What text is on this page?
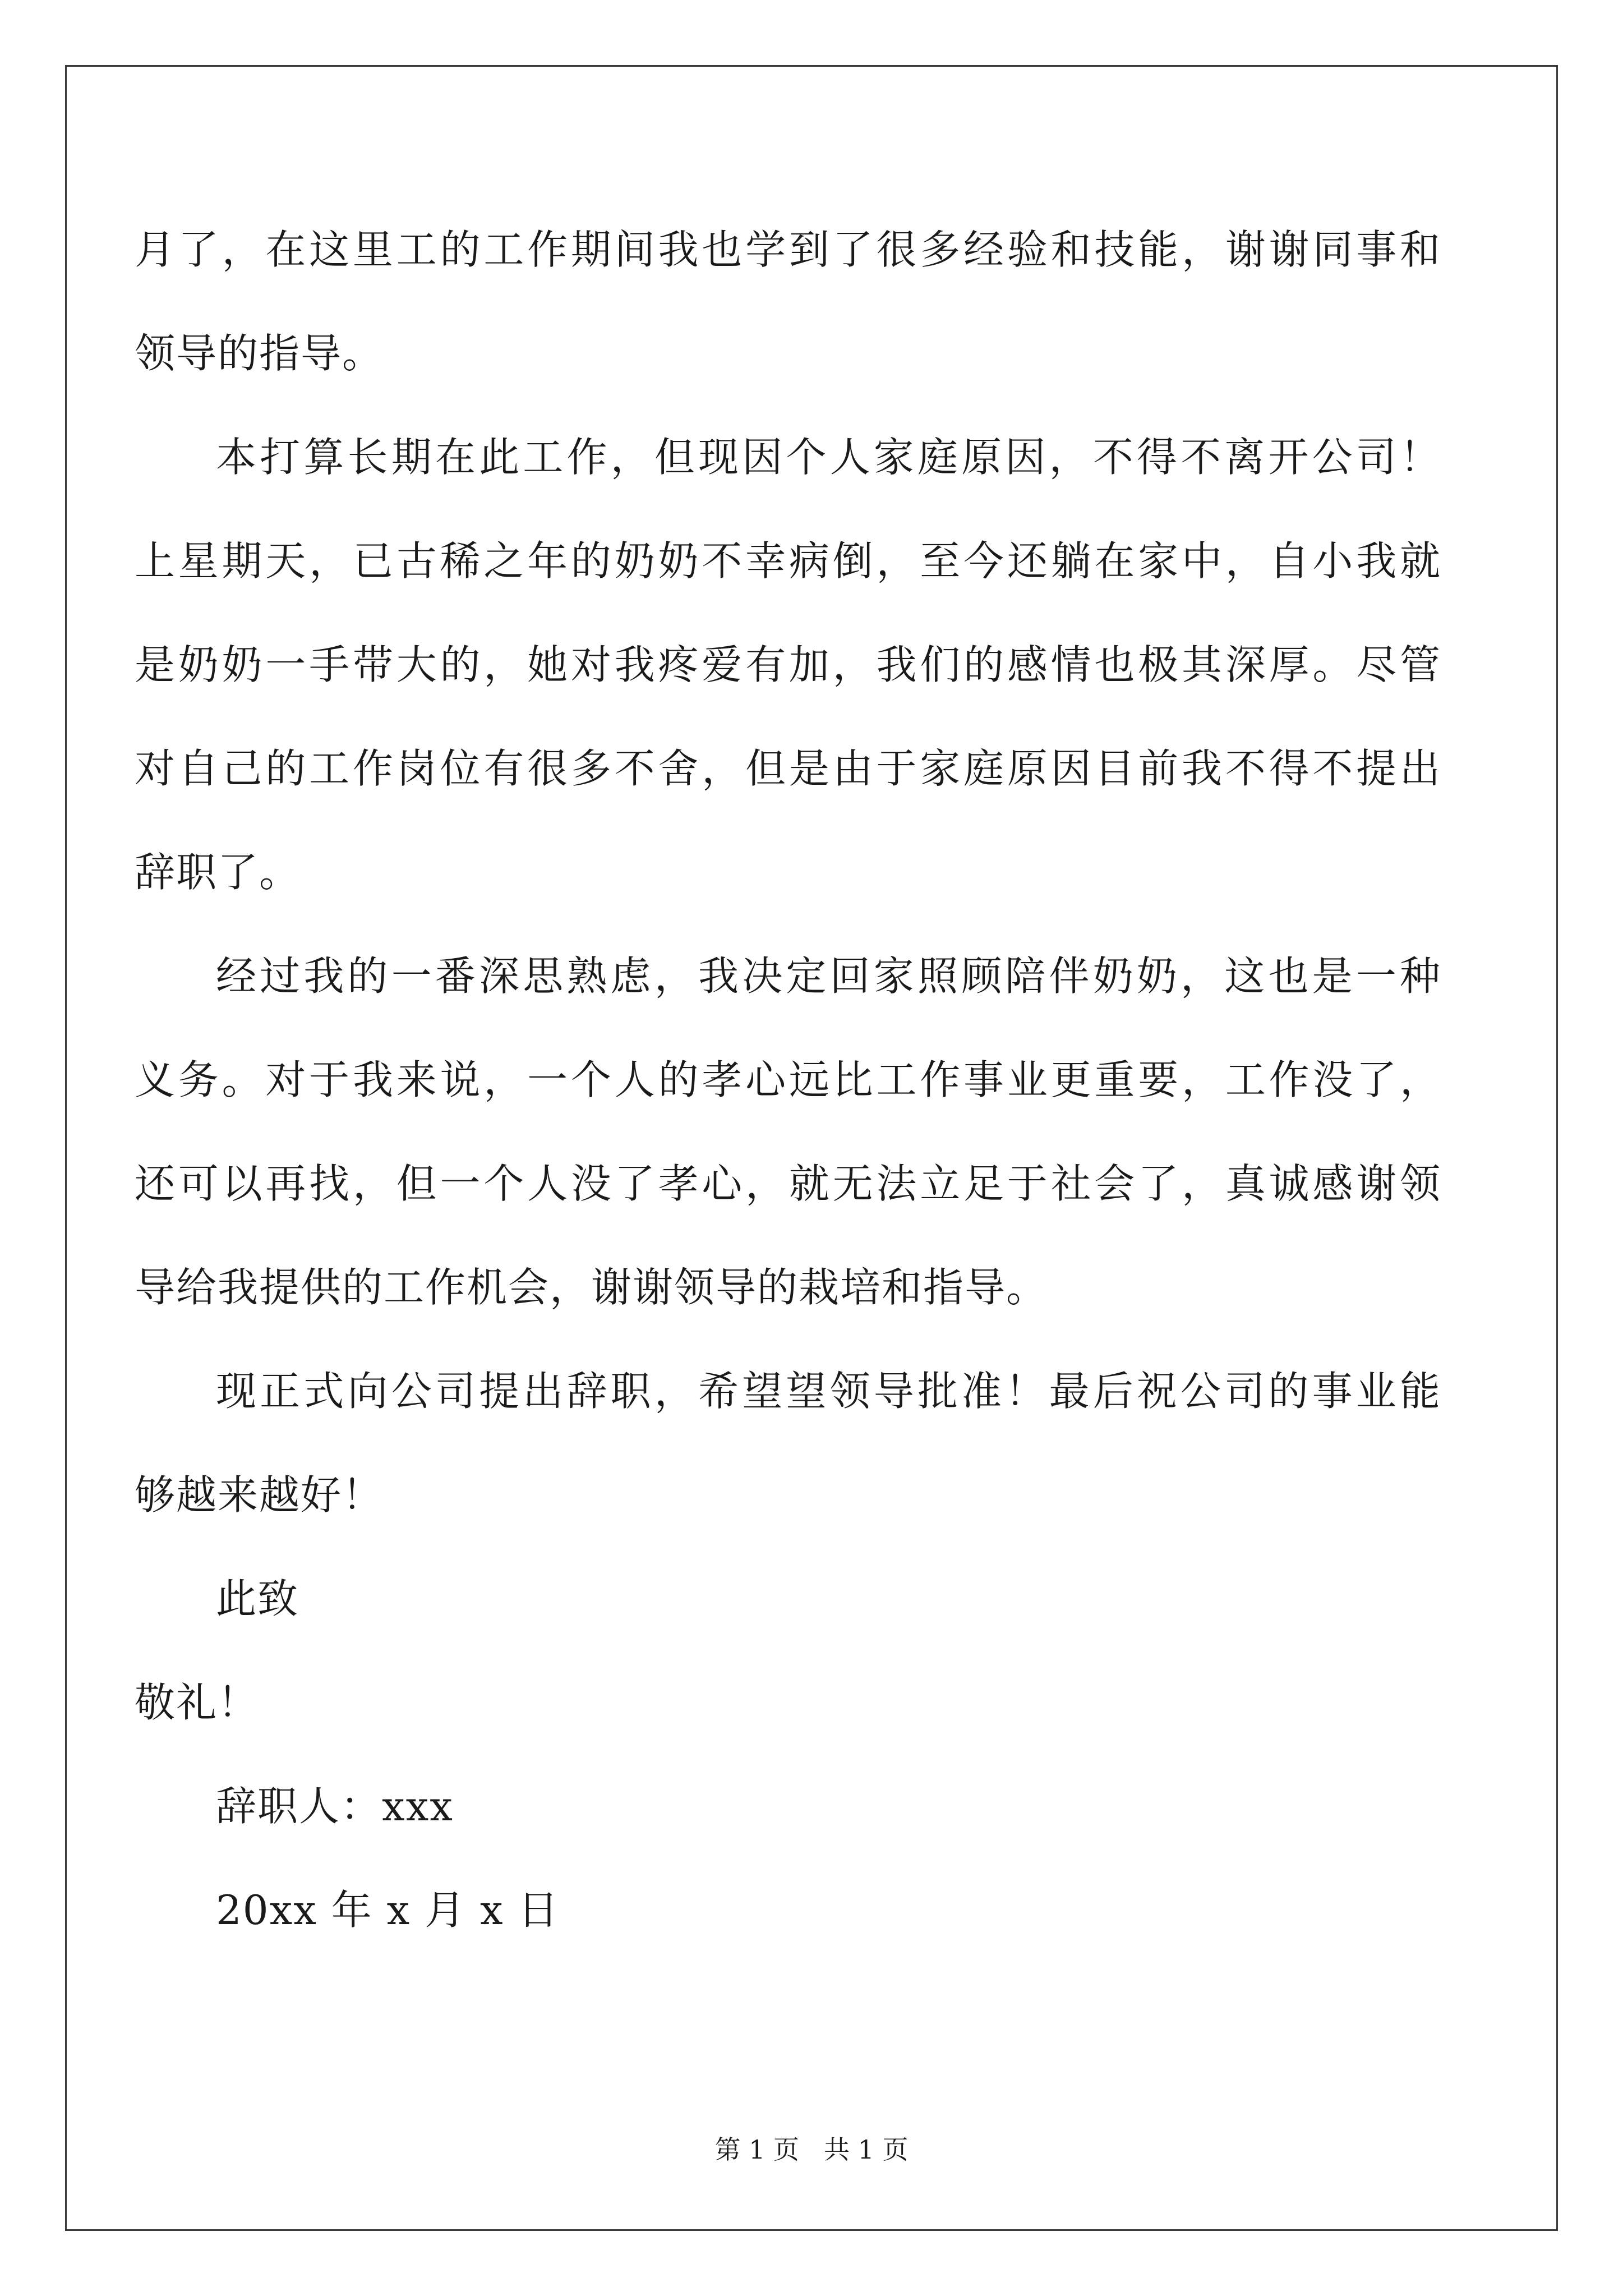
月了，在这里工的工作期间我也学到了很多经验和技能，谢谢同事和
领导的指导。
本打算长期在此工作，但现因个人家庭原因，不得不离开公司！
上星期天，已古稀之年的奶奶不幸病倒，至今还躺在家中，自小我就
是奶奶一手带大的，她对我疼爱有加，我们的感情也极其深厚。尽管
对自己的工作岗位有很多不舍，但是由于家庭原因目前我不得不提出
辞职了。
经过我的一番深思熟虑，我决定回家照顾陪伴奶奶，这也是一种
义务。对于我来说，一个人的孝心远比工作事业更重要，工作没了，
还可以再找，但一个人没了孝心，就无法立足于社会了，真诚感谢领
导给我提供的工作机会，谢谢领导的栽培和指导。
现正式向公司提出辞职，希望望领导批准！最后祝公司的事业能
够越来越好！
此致
敬礼！
辞职人：xxx
20xx 年 x 月 x 日
第 1 页 共 1 页
